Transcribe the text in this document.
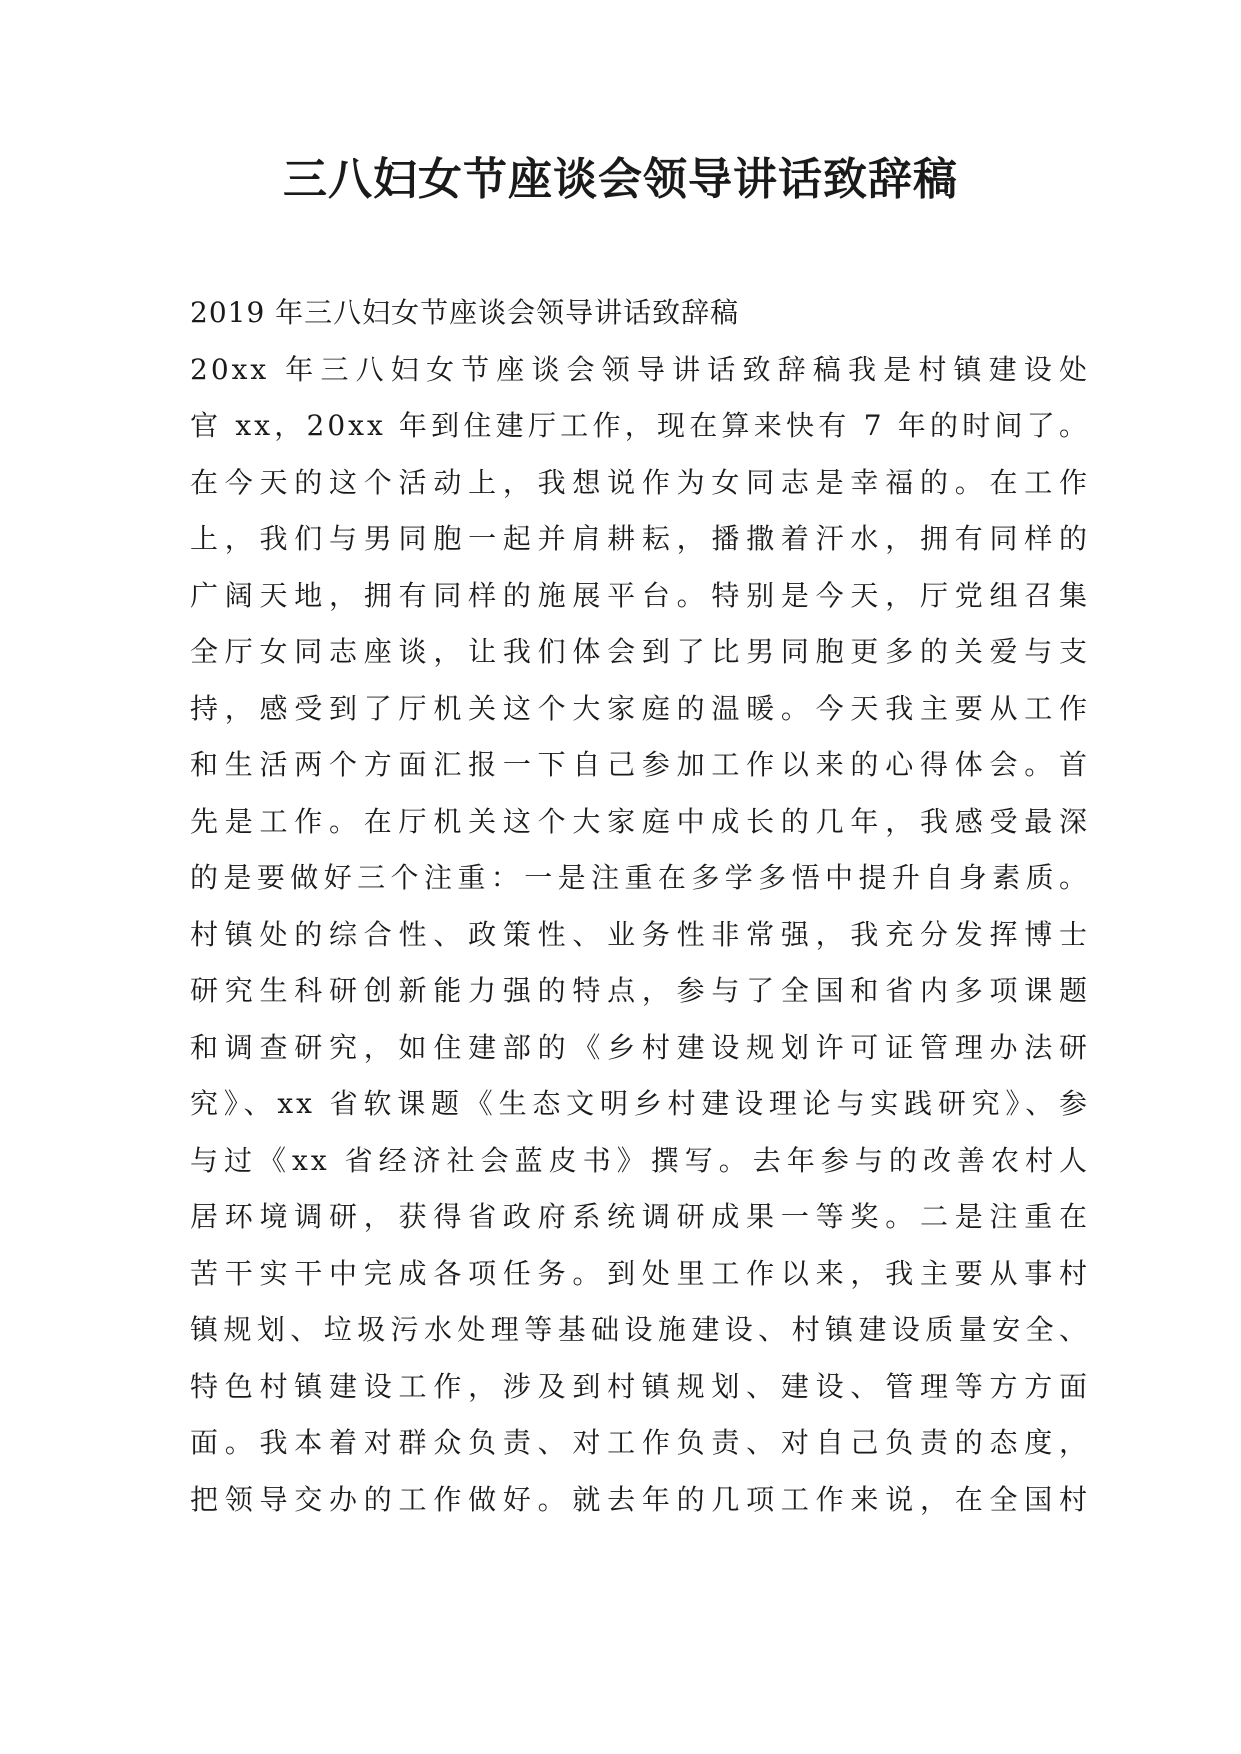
三八妇女节座谈会领导讲话致辞稿
2019 年三八妇女节座谈会领导讲话致辞稿
20xx 年三八妇女节座谈会领导讲话致辞稿我是村镇建设处
官 xx，20xx 年到住建厅工作，现在算来快有 7 年的时间了。
在今天的这个活动上，我想说作为女同志是幸福的。在工作
上，我们与男同胞一起并肩耕耘，播撒着汗水，拥有同样的
广阔天地，拥有同样的施展平台。特别是今天，厅党组召集
全厅女同志座谈，让我们体会到了比男同胞更多的关爱与支
持，感受到了厅机关这个大家庭的温暖。今天我主要从工作
和生活两个方面汇报一下自己参加工作以来的心得体会。首
先是工作。在厅机关这个大家庭中成长的几年，我感受最深
的是要做好三个注重：一是注重在多学多悟中提升自身素质。
村镇处的综合性、政策性、业务性非常强，我充分发挥博士
研究生科研创新能力强的特点，参与了全国和省内多项课题
和调查研究，如住建部的《乡村建设规划许可证管理办法研
究》、xx 省软课题《生态文明乡村建设理论与实践研究》、参
与过《xx 省经济社会蓝皮书》撰写。去年参与的改善农村人
居环境调研，获得省政府系统调研成果一等奖。二是注重在
苦干实干中完成各项任务。到处里工作以来，我主要从事村
镇规划、垃圾污水处理等基础设施建设、村镇建设质量安全、
特色村镇建设工作，涉及到村镇规划、建设、管理等方方面
面。我本着对群众负责、对工作负责、对自己负责的态度，
把领导交办的工作做好。就去年的几项工作来说，在全国村
